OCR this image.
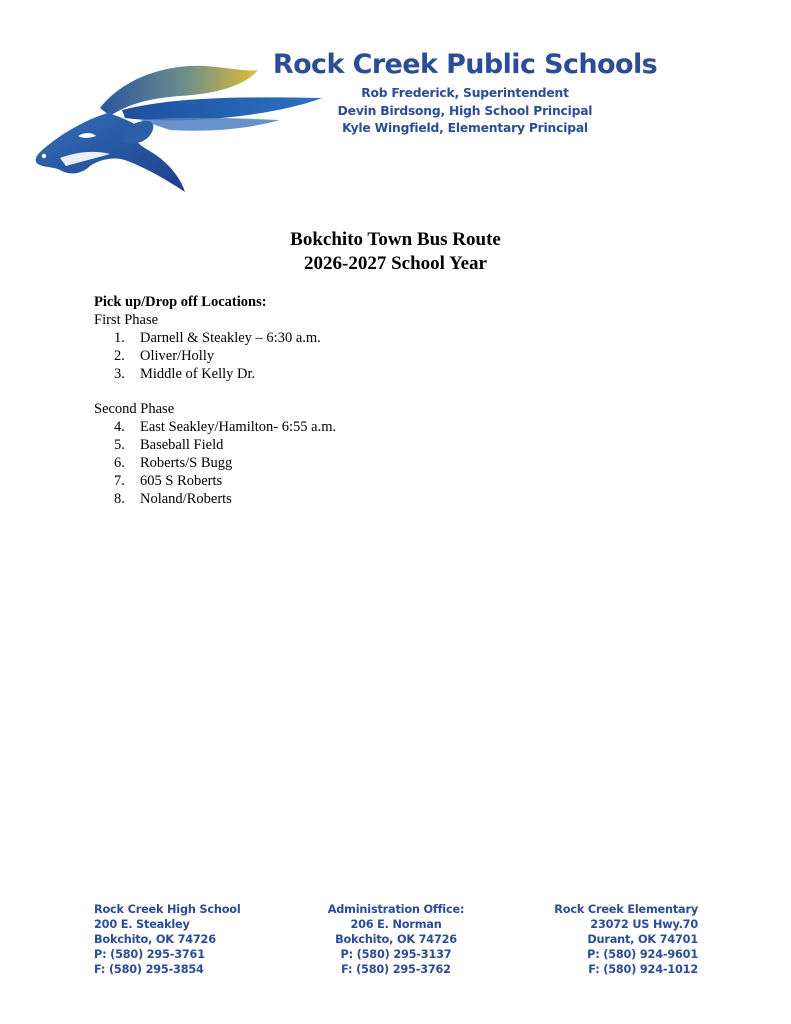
Rock Creek Public Schools
Rob Frederick, Superintendent
Devin Birdsong, High School Principal
Kyle Wingfield, Elementary Principal
Bokchito Town Bus Route
2026-2027 School Year
Pick up/Drop off Locations:
First Phase
1. Darnell & Steakley – 6:30 a.m.
2. Oliver/Holly
3. Middle of Kelly Dr.
Second Phase
4. East Seakley/Hamilton- 6:55 a.m.
5. Baseball Field
6. Roberts/S Bugg
7. 605 S Roberts
8. Noland/Roberts
Rock Creek High School
200 E. Steakley
Bokchito, OK 74726
P: (580) 295-3761
F: (580) 295-3854
Administration Office:
206 E. Norman
Bokchito, OK 74726
P: (580) 295-3137
F: (580) 295-3762
Rock Creek Elementary
23072 US Hwy.70
Durant, OK 74701
P: (580) 924-9601
F: (580) 924-1012
